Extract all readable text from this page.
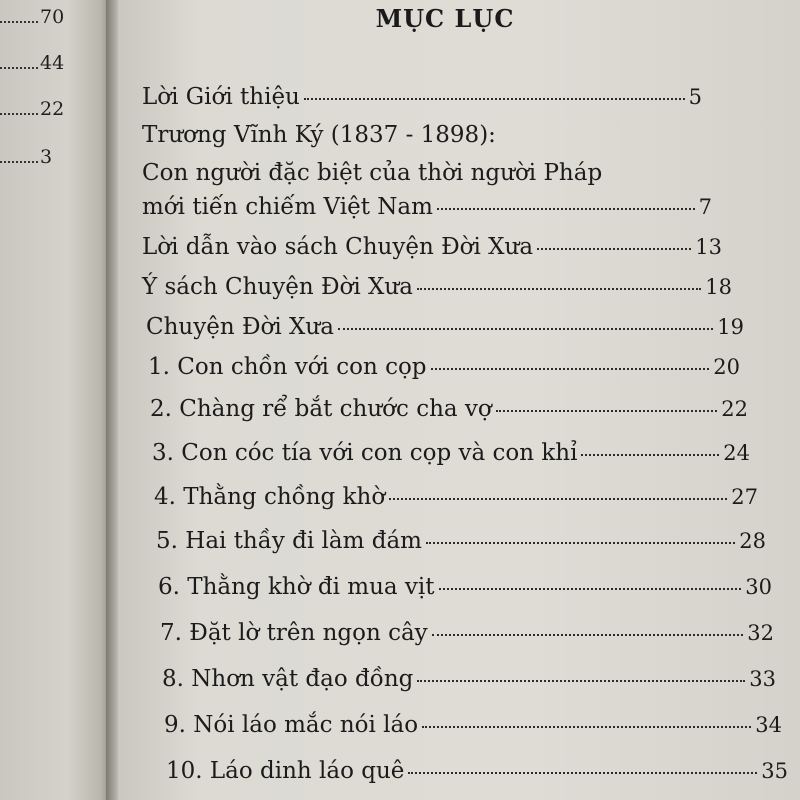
70
44
22
3
MỤC LỤC
Lời Giới thiệu	5
Trương Vĩnh Ký (1837 - 1898):
Con người đặc biệt của thời người Pháp
mới tiến chiếm Việt Nam	7
Lời dẫn vào sách Chuyện Đời Xưa	13
Ý sách Chuyện Đời Xưa	18
Chuyện Đời Xưa	19
1. Con chồn với con cọp	20
2. Chàng rể bắt chước cha vợ	22
3. Con cóc tía với con cọp và con khỉ	24
4. Thằng chồng khờ	27
5. Hai thầy đi làm đám	28
6. Thằng khờ đi mua vịt	30
7. Đặt lờ trên ngọn cây	32
8. Nhơn vật đạo đồng	33
9. Nói láo mắc nói láo	34
10. Láo dinh láo quê	35
